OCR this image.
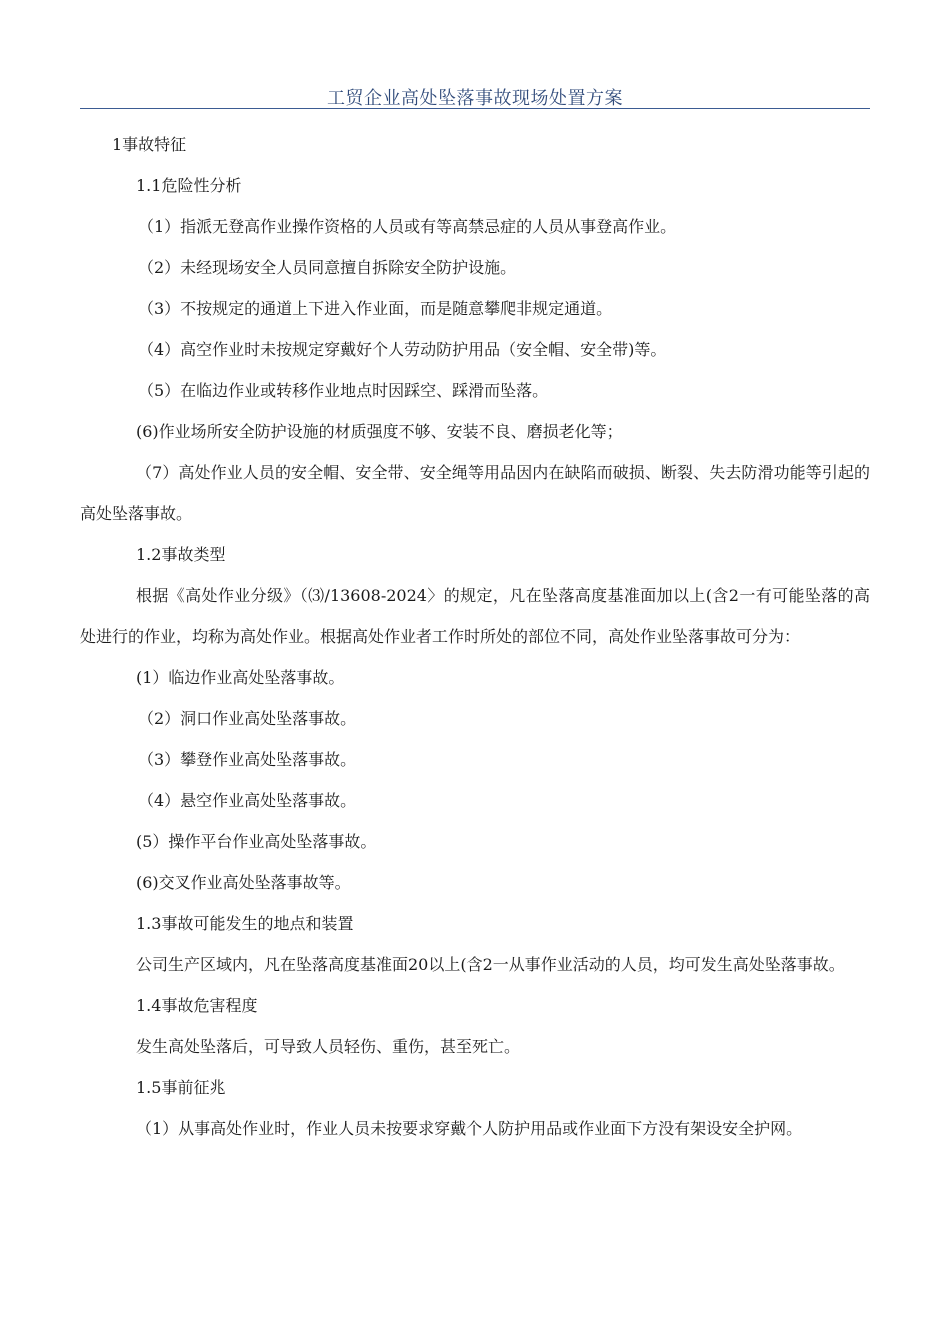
工贸企业高处坠落事故现场处置方案

1事故特征

1.1危险性分析

（1）指派无登高作业操作资格的人员或有等高禁忌症的人员从事登高作业。

（2）未经现场安全人员同意擅自拆除安全防护设施。

（3）不按规定的通道上下进入作业面，而是随意攀爬非规定通道。

（4）高空作业时未按规定穿戴好个人劳动防护用品（安全帽、安全带)等。

（5）在临边作业或转移作业地点时因踩空、踩滑而坠落。

(6)作业场所安全防护设施的材质强度不够、安装不良、磨损老化等；

（7）高处作业人员的安全帽、安全带、安全绳等用品因内在缺陷而破损、断裂、失去防滑功能等引起的高处坠落事故。

1.2事故类型

根据《高处作业分级》（⑶/13608-2024〉的规定，凡在坠落高度基准面加以上(含2一有可能坠落的高处进行的作业，均称为高处作业。根据高处作业者工作时所处的部位不同，高处作业坠落事故可分为：

(1）临边作业高处坠落事故。

（2）洞口作业高处坠落事故。

（3）攀登作业高处坠落事故。

（4）悬空作业高处坠落事故。

(5）操作平台作业高处坠落事故。

(6)交叉作业高处坠落事故等。

1.3事故可能发生的地点和装置

公司生产区域内，凡在坠落高度基准面20以上(含2一从事作业活动的人员，均可发生高处坠落事故。

1.4事故危害程度

发生高处坠落后，可导致人员轻伤、重伤，甚至死亡。

1.5事前征兆

（1）从事高处作业时，作业人员未按要求穿戴个人防护用品或作业面下方没有架设安全护网。
